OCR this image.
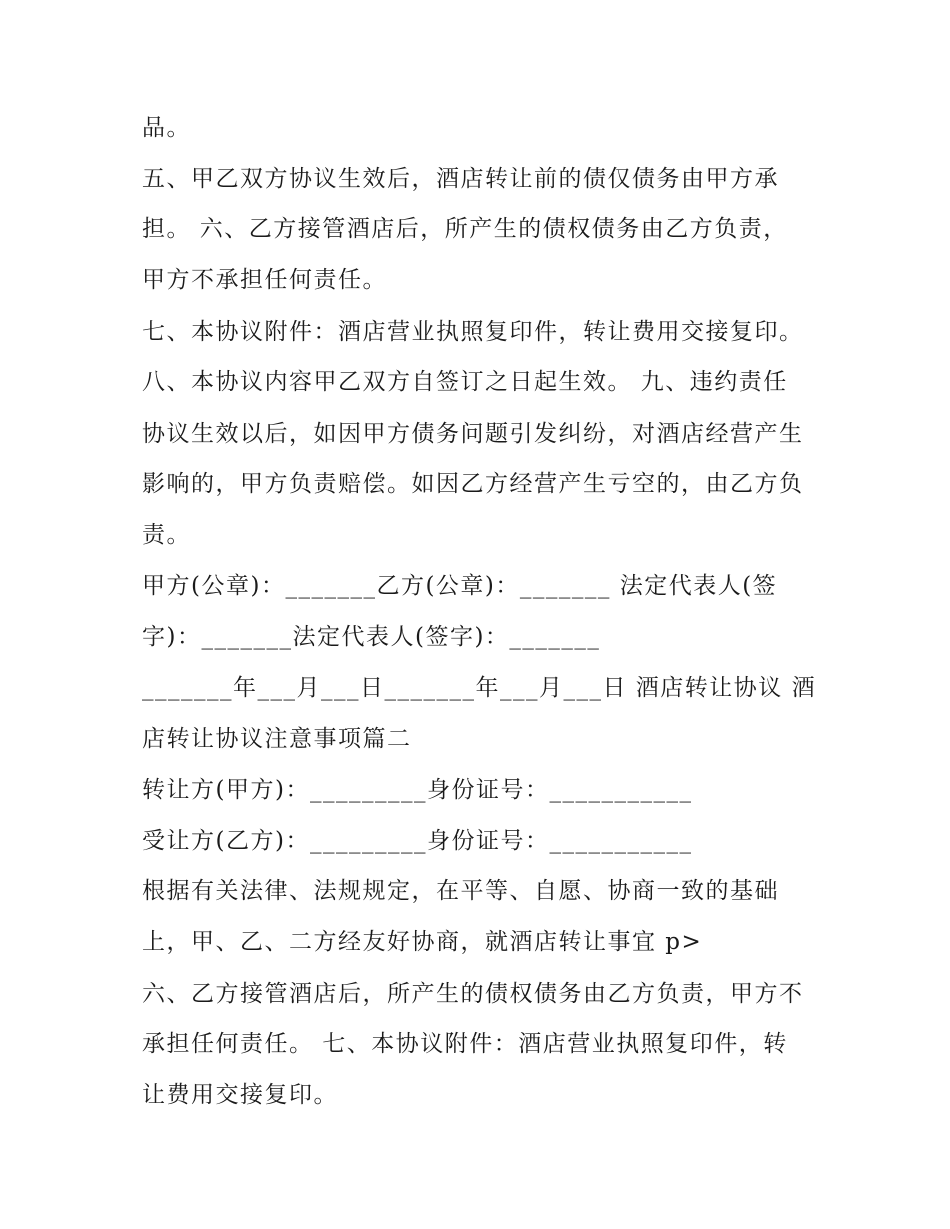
品。
五、甲乙双方协议生效后，酒店转让前的债仅债务由甲方承
担。 六、乙方接管酒店后，所产生的债权债务由乙方负责，
甲方不承担任何责任。
七、本协议附件：酒店营业执照复印件，转让费用交接复印。
八、本协议内容甲乙双方自签订之日起生效。 九、违约责任
协议生效以后，如因甲方债务问题引发纠纷，对酒店经营产生
影响的，甲方负责赔偿。如因乙方经营产生亏空的，由乙方负
责。
甲方(公章)：_______乙方(公章)：_______ 法定代表人(签
字)：_______法定代表人(签字)：_______
_______年___月___日_______年___月___日 酒店转让协议 酒
店转让协议注意事项篇二
转让方(甲方)：_________身份证号：___________
受让方(乙方)：_________身份证号：___________
根据有关法律、法规规定，在平等、自愿、协商一致的基础
上，甲、乙、二方经友好协商，就酒店转让事宜 p>
六、乙方接管酒店后，所产生的债权债务由乙方负责，甲方不
承担任何责任。 七、本协议附件：酒店营业执照复印件，转
让费用交接复印。
